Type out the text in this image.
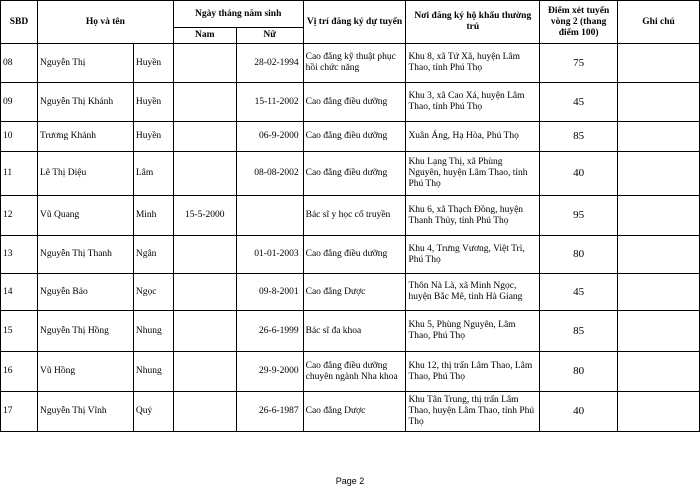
SBD	Họ và tên		Ngày tháng năm sinh		Vị trí đăng ký dự tuyển	Nơi đăng ký hộ khẩu thường trú	Điểm xét tuyển vòng 2 (thang điểm 100)	Ghi chú
			Nam	Nữ				
08	Nguyễn Thị	Huyền		28-02-1994	Cao đẳng kỹ thuật phục hồi chức năng	Khu 8, xã Tứ Xã, huyện Lâm Thao, tỉnh Phú Thọ	75	
09	Nguyễn Thị Khánh	Huyền		15-11-2002	Cao đẳng điều dưỡng	Khu 3, xã Cao Xá, huyện Lâm Thao, tỉnh Phú Thọ	45	
10	Trương Khánh	Huyền		06-9-2000	Cao đẳng điều dưỡng	Xuân Áng, Hạ Hòa, Phú Thọ	85	
11	Lê Thị Diệu	Lâm		08-08-2002	Cao đẳng điều dưỡng	Khu Lạng Thị, xã Phùng Nguyên, huyện Lâm Thao, tỉnh Phú Thọ	40	
12	Vũ Quang	Minh	15-5-2000		Bác sĩ y học cổ truyền	Khu 6, xã Thạch Đồng, huyện Thanh Thủy, tỉnh Phú Thọ	95	
13	Nguyễn Thị Thanh	Ngân		01-01-2003	Cao đẳng điều dưỡng	Khu 4, Trưng Vương, Việt Trì, Phú Thọ	80	
14	Nguyễn Bảo	Ngọc		09-8-2001	Cao đẳng Dược	Thôn Nà Là, xã Minh Ngọc, huyện Bắc Mê, tỉnh Hà Giang	45	
15	Nguyễn Thị Hồng	Nhung		26-6-1999	Bác sĩ đa khoa	Khu 5, Phùng Nguyên, Lâm Thao, Phú Thọ	85	
16	Vũ Hồng	Nhung		29-9-2000	Cao đẳng điều dưỡng chuyên ngành Nha khoa	Khu 12, thị trấn Lâm Thao, Lâm Thao, Phú Thọ	80	
17	Nguyễn Thị Vĩnh	Quý		26-6-1987	Cao đẳng Dược	Khu Tân Trung, thị trấn Lâm Thao, huyện Lâm Thao, tỉnh Phú Thọ	40	
Page 2
